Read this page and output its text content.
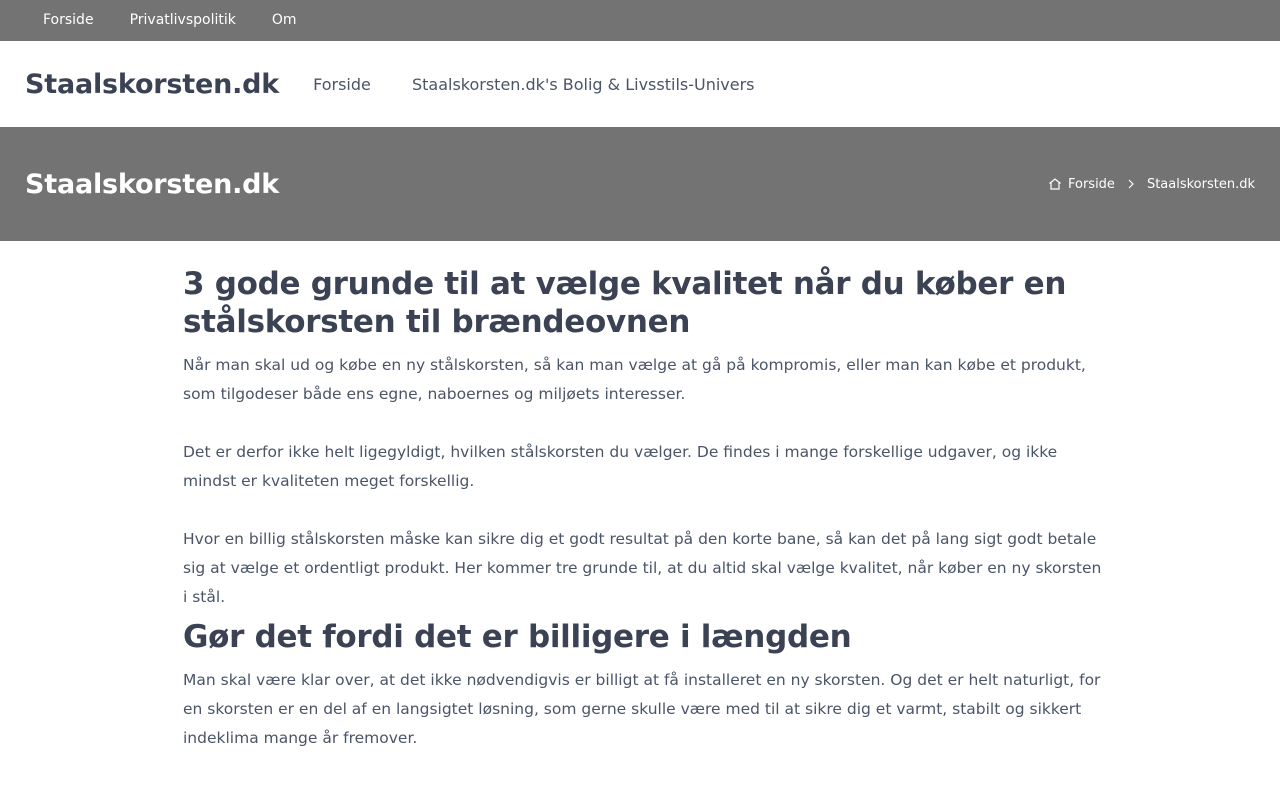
Forside	Privatlivspolitik	Om
Staalskorsten.dk	Forside	Staalskorsten.dk's Bolig & Livsstils-Univers
Staalskorsten.dk	Forside Staalskorsten.dk
3 gode grunde til at vælge kvalitet når du køber en stålskorsten til brændeovnen

Når man skal ud og købe en ny stålskorsten, så kan man vælge at gå på kompromis, eller man kan købe et produkt, som tilgodeser både ens egne, naboernes og miljøets interesser.

Det er derfor ikke helt ligegyldigt, hvilken stålskorsten du vælger. De findes i mange forskellige udgaver, og ikke mindst er kvaliteten meget forskellig.

Hvor en billig stålskorsten måske kan sikre dig et godt resultat på den korte bane, så kan det på lang sigt godt betale sig at vælge et ordentligt produkt. Her kommer tre grunde til, at du altid skal vælge kvalitet, når køber en ny skorsten i stål.

Gør det fordi det er billigere i længden

Man skal være klar over, at det ikke nødvendigvis er billigt at få installeret en ny skorsten. Og det er helt naturligt, for en skorsten er en del af en langsigtet løsning, som gerne skulle være med til at sikre dig et varmt, stabilt og sikkert indeklima mange år fremover.
